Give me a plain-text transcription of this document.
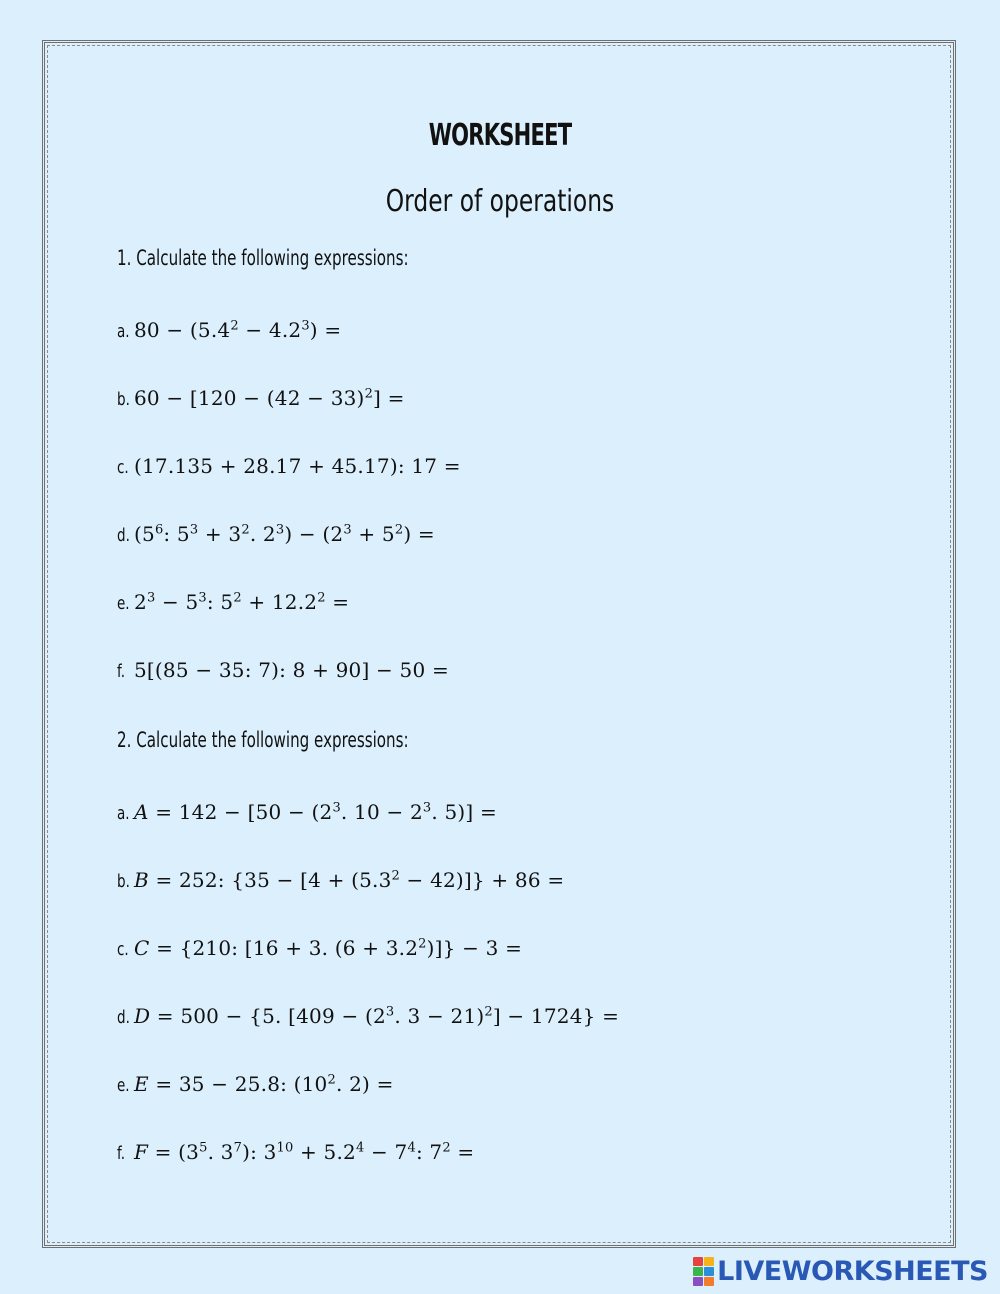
WORKSHEET
Order of operations
1. Calculate the following expressions:
a. $80 - (5.4^2 - 4.2^3)$ =
b. $60 - [120 - (42 - 33)^2]$ =
c. (17.135 + 28.17 + 45.17): 17 =
d. ($5^6$: $5^3 + 3^2$. $2^3) - (2^3 + 5^2)$ =
e. $2^3 - 5^3$: $5^2 + 12.2^2$ =
f. 5[(85 − 35: 7): 8 + 90] − 50 =
2. Calculate the following expressions:
a. $A = 142 - [50 - (2^3$. $10 - 2^3$. 5)] =
b. B = 252: $\{35 - [4 + (5.3^2 - 42)]\} + 86$ =
c. C = {210: [16 + 3. $(6 + 3.2^2)]\} - 3$ =
d. D = 500 − {5. [$409 - (2^3$. 3 − 21)$^2$] − 1724} =
e. E = 35 − 25.8: ($10^2$. 2) =
f. $F = (3^5$. $3^7$): $3^{10} + 5.2^4 - 7^4$: $7^2$ =
LIVEWORKSHEETS
